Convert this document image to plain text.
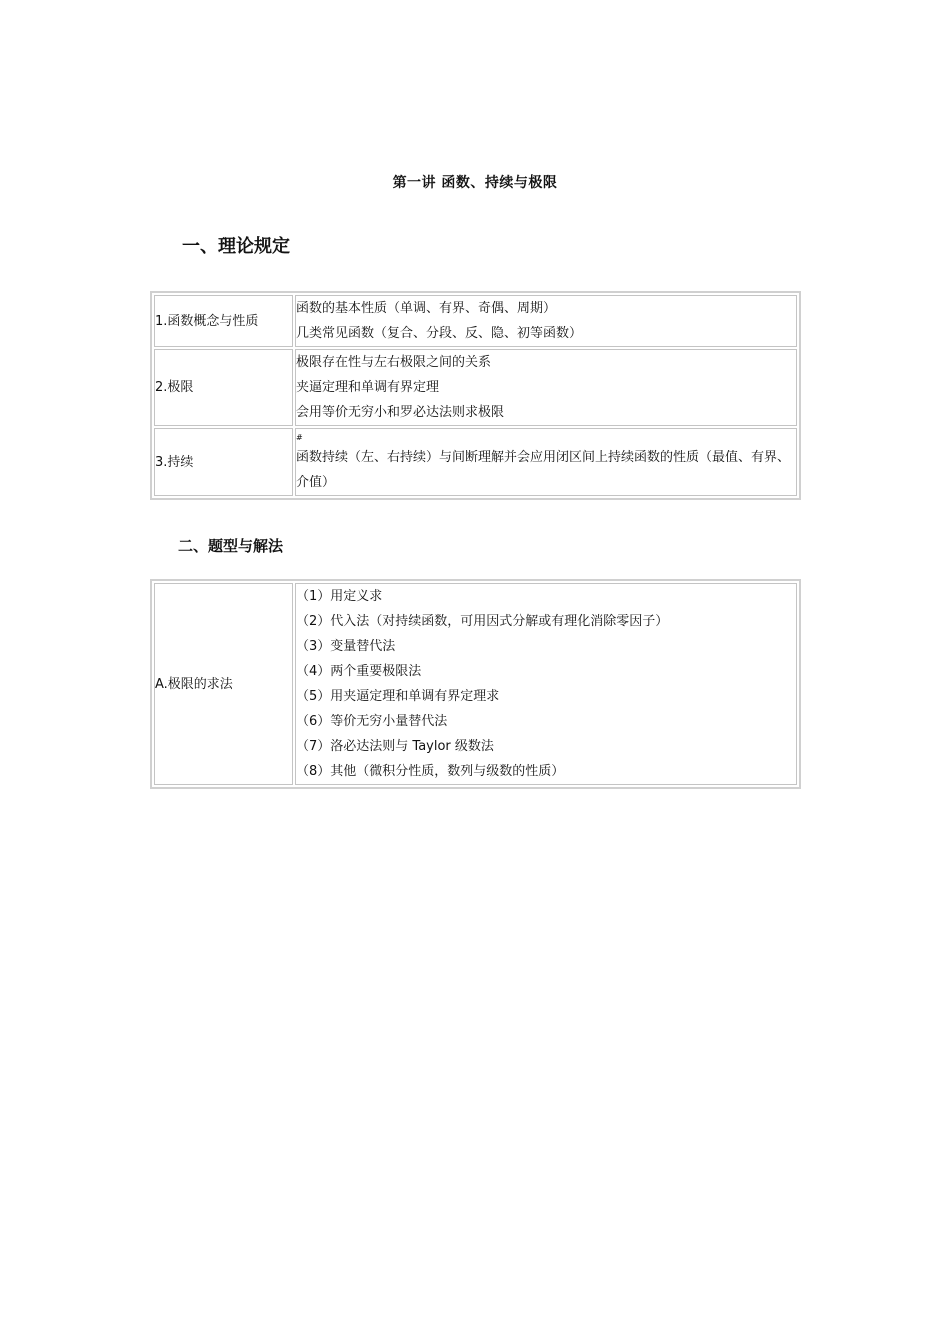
第一讲 函数、持续与极限
一、理论规定
1.函数概念与性质	函数的基本性质（单调、有界、奇偶、周期）
几类常见函数（复合、分段、反、隐、初等函数）

2.极限	极限存在性与左右极限之间的关系
夹逼定理和单调有界定理
会用等价无穷小和罗必达法则求极限

3.持续	#
函数持续（左、右持续）与间断理解并会应用闭区间上持续函数的性质（最值、有界、介值）
二、题型与解法
A.极限的求法	
（1）用定义求
（2）代入法（对持续函数，可用因式分解或有理化消除零因子）
（3）变量替代法
（4）两个重要极限法
（5）用夹逼定理和单调有界定理求
（6）等价无穷小量替代法
（7）洛必达法则与 Taylor 级数法
（8）其他（微积分性质，数列与级数的性质）
